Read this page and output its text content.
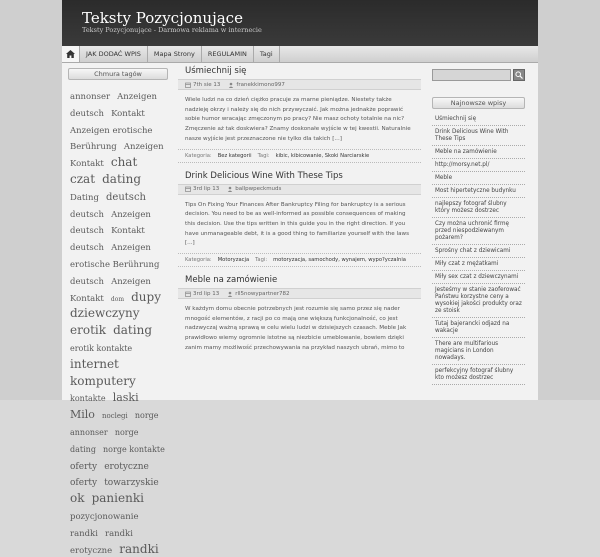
Teksty Pozycjonujące
Teksty Pozycjonujące - Darmowa reklama w internecie
JAK DODAĆ WPIS	Mapa Strony	REGULAMIN	Tagi
Chmura tagów
annonser Anzeigen deutsch Kontakt Anzeigen erotische Berührung Anzeigen Kontakt chat czat dating Dating deutsch deutsch Anzeigen deutsch Kontakt deutsch Anzeigen erotische Berührung deutsch Anzeigen Kontakt dom dupy dziewczyny erotik dating erotik kontakte internet komputery kontakte laski Milo noclegi norge annonser norge dating norge kontakte oferty erotyczne oferty towarzyskie ok panienki pozycjonowanie randki randki erotyczne randki
Uśmiechnij się
7th sie 13	franekkimono997
Wiele ludzi na co dzień ciężko pracuje za marne pieniądze. Niestety także nadzieję okrzy i należy się do nich przywyczaić. Jak można jednakże poprawić sobie humor wracając zmęczonym po pracy? Nie masz ochoty totalnie na nic? Zmęczenie aż tak doskwiera? Znamy doskonałe wyjście w tej kwestii. Naturalnie nasze wyjście jest przeznaczone nie tylko dla takich [...]
Kategoria: Bez kategorii Tagi: kibic, kibicowanie, Skoki Narciarskie
Drink Delicious Wine With These Tips
3rd lip 13	ballpwpeckmuds
Tips On Fixing Your Finances After Bankruptcy Filing for bankruptcy is a serious decision. You need to be as well-informed as possible consequences of making this decision. Use the tips written in this guide you in the right direction. If you have unmanageable debt, it is a good thing to familiarize yourself with the laws [...]
Kategoria: Motoryzacja Tagi: motoryzacja, samochody, wynajem, wypo?yczalnia
Meble na zamówienie
3rd lip 13	rll5nowypartner782
W każdym domu obecnie potrzebnych jest rozumie się samo przez się nader mnogość elementów, z racji po co mają one większą funkcjonalność, co jest nadzwyczaj ważną sprawą w celu wielu ludzi w dzisiejszych czasach. Meble Jak prawidłowo wiemy ogromnie istotne są niezbicie umeblowanie, bowiem dzięki zanim mamy możliwość przechowywania na przykład naszych ubrań, mimo to
Najnowsze wpisy
Uśmiechnij się
Drink Delicious Wine With These Tips
Meble na zamówienie
http://morsy.net.pl/
Meble
Most hipertetyczne budynku
najlepszy fotograf ślubny który możesz dostrzec
Czy można uchronić firmę przed niespodziewanym pożarem?
Sprośny chat z dziewicami
Miły czat z mężatkami
Miły sex czat z dziewczynami
Jesteśmy w stanie zaoferować Państwu korzystne ceny a wysokiej jakości produkty oraz ze stoisk
Tutaj bajerancki odjazd na wakacje
There are multifarious magicians in London nowadays.
perfekcyjny fotograf ślubny kto możesz dostrzec
